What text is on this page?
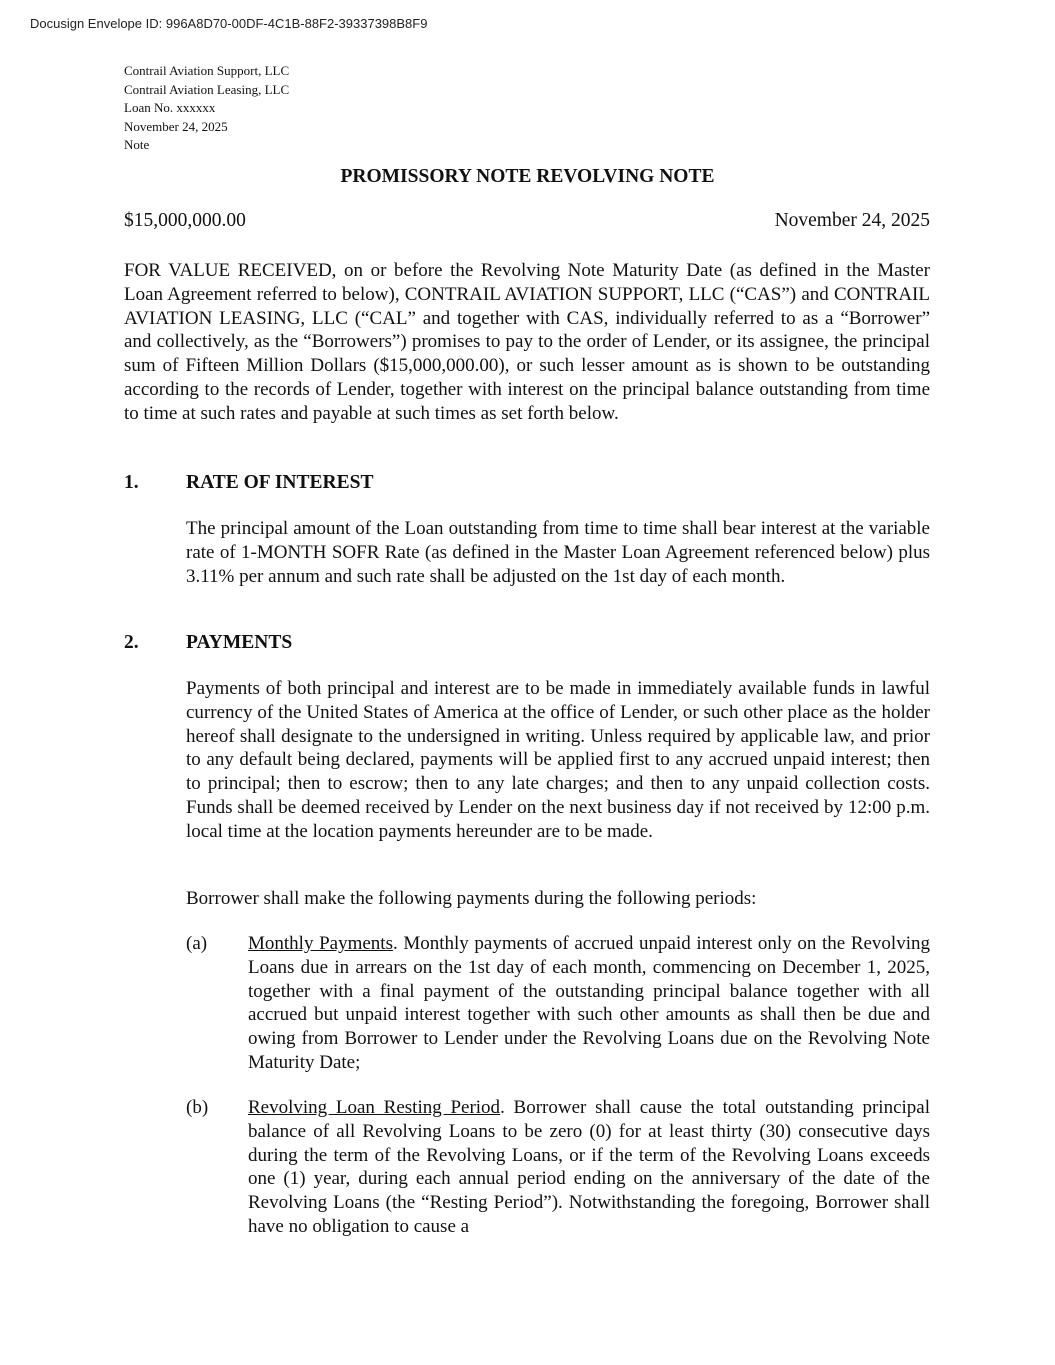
Docusign Envelope ID: 996A8D70-00DF-4C1B-88F2-39337398B8F9
Contrail Aviation Support, LLC
Contrail Aviation Leasing, LLC
Loan No. xxxxxx
November 24, 2025
Note
PROMISSORY NOTE REVOLVING NOTE
$15,000,000.00	November 24, 2025

FOR VALUE RECEIVED, on or before the Revolving Note Maturity Date (as defined in the Master Loan Agreement referred to below), CONTRAIL AVIATION SUPPORT, LLC (“CAS”) and CONTRAIL AVIATION LEASING, LLC (“CAL” and together with CAS, individually referred to as a “Borrower” and collectively, as the “Borrowers”) promises to pay to the order of Lender, or its assignee, the principal sum of Fifteen Million Dollars ($15,000,000.00), or such lesser amount as is shown to be outstanding according to the records of Lender, together with interest on the principal balance outstanding from time to time at such rates and payable at such times as set forth below.

1. RATE OF INTEREST

The principal amount of the Loan outstanding from time to time shall bear interest at the variable rate of 1-MONTH SOFR Rate (as defined in the Master Loan Agreement referenced below) plus 3.11% per annum and such rate shall be adjusted on the 1st day of each month.

2. PAYMENTS

Payments of both principal and interest are to be made in immediately available funds in lawful currency of the United States of America at the office of Lender, or such other place as the holder hereof shall designate to the undersigned in writing. Unless required by applicable law, and prior to any default being declared, payments will be applied first to any accrued unpaid interest; then to principal; then to escrow; then to any late charges; and then to any unpaid collection costs. Funds shall be deemed received by Lender on the next business day if not received by 12:00 p.m. local time at the location payments hereunder are to be made.

Borrower shall make the following payments during the following periods:

(a) Monthly Payments. Monthly payments of accrued unpaid interest only on the Revolving Loans due in arrears on the 1st day of each month, commencing on December 1, 2025, together with a final payment of the outstanding principal balance together with all accrued but unpaid interest together with such other amounts as shall then be due and owing from Borrower to Lender under the Revolving Loans due on the Revolving Note Maturity Date;
(b) Revolving Loan Resting Period. Borrower shall cause the total outstanding principal balance of all Revolving Loans to be zero (0) for at least thirty (30) consecutive days during the term of the Revolving Loans, or if the term of the Revolving Loans exceeds one (1) year, during each annual period ending on the anniversary of the date of the Revolving Loans (the “Resting Period”). Notwithstanding the foregoing, Borrower shall have no obligation to cause a
